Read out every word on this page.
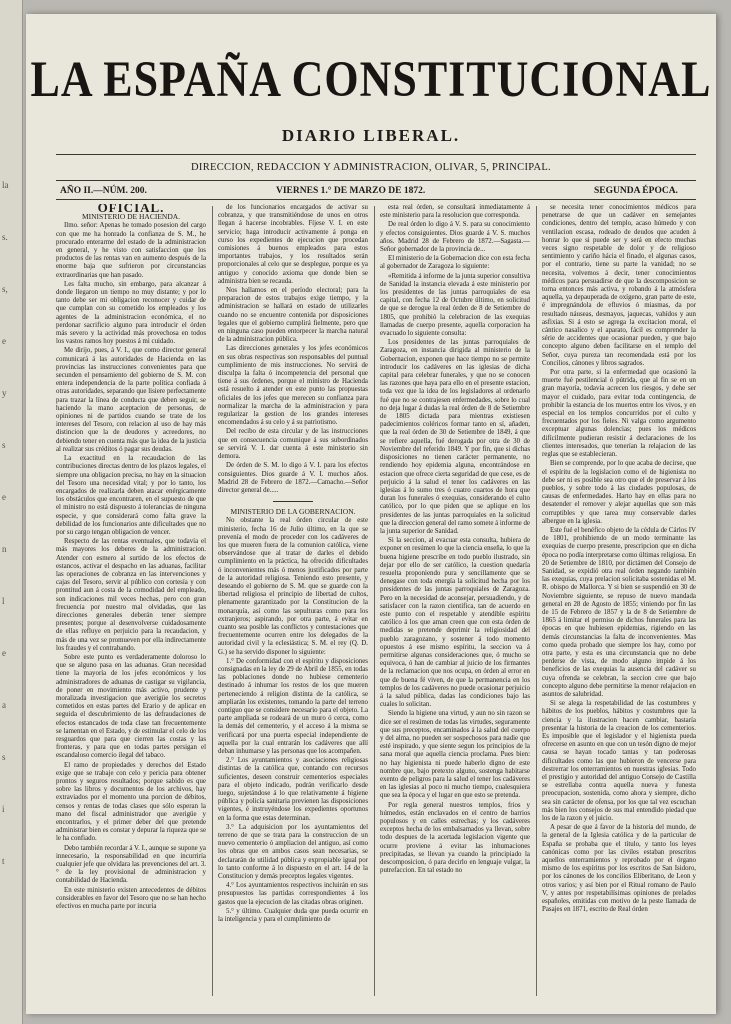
la
s.
s,
e
y
s
e
n
l
e
a
s
i
t
LA ESPAÑA CONSTITUCIONAL
DIARIO LIBERAL.
DIRECCION, REDACCION Y ADMINISTRACION, OLIVAR, 5, PRINCIPAL.
AÑO II.—NÚM. 200.	VIERNES 1.° DE MARZO DE 1872.	SEGUNDA ÉPOCA.

OFICIAL.

MINISTERIO DE HACIENDA.

Ilmo. señor: Apenas he tomado posesion del cargo con que me ha honrado la confianza de S. M., he procurado enterarme del estado de la administracion en general, y he visto con satisfaccion que los productos de las rentas van en aumento después de la enorme baja que sufrieron por circunstancias extraordinarias que han pasado.

Les falta mucho, sin embargo, para alcanzar á donde llegaron un tiempo no muy distante; y por lo tanto debe ser mi obligacion reconocer y cuidar de que cumplan con su cometido los empleados y los agentes de la administracion económica, el no perdonar sacrificio alguno para introducir el órden más severo y la actividad más provechosa en todos los vastos ramos hoy puestos á mi cuidado.

Me dirijo, pues, á V. I., que como director general comunicará á las autoridades de Hacienda en las provincias las instrucciones convenientes para que secunden el pensamiento del gobierno de S. M. con entera independencia de la parte política confiada á otras autoridades, separando que lisiere perfectamente para trazar la línea de conducta que deben seguir, se haciendo la mano aceptacion de personas, de opiniones ni de partidos cuando se trate de los intereses del Tesoro, con relacion al uso de hay más distincion que la de deudores y acreedores, no debiendo tener en cuenta más que la idea de la justicia al realizar sus créditos ó pagar sus deudas.

La exactitud en la recaudacion de las contribuciones directas dentro de los plazos legales, el siempre una obligacion precisa, no hay en la situacion del Tesoro una necesidad vital; y por lo tanto, los encargados de realizarla deben atacar enérgicamente los obstáculos que encontraren, en el supuesto de que el ministro no está dispuesto á tolerancias de ninguna especie, y que considerará como falta grave la debilidad de los funcionarios ante dificultades que no por su cargo tengan obligacion de vencer.

Respecto de las rentas eventuales, que todavía el más mayores los deberes de la administracion. Atender con esmero al surtido de los efectos de estancos, activar el despacho en las aduanas, facilitar las operaciones de cobranza en las intervenciones y cajas del Tesoro, servir al público con cortesía y con prontitud aun á costa de la comodidad del empleado, son indicaciones mil veces hechas, pero con gran frecuencia por nuestro mal olvidadas, que las direcciones generales deberán tener siempre presentes; porque al desenvolverse cuidadosamente de ellas refluye en perjuicio para la recaudacion, y más de una vez se promueven por ella indirectamente los fraudes y el contrabando.

Sobre este punto es verdaderamente doloroso lo que se alguno pasa en las aduanas. Gran necesidad tiene la mayoría de los jefes económicos y los administradores de aduanas de castigar su vigilancia, de poner en movimiento más activo, prudente y moralizada investigacion que averigüe los secretos cometidos en estas partes del Erario y de aplicar en seguida el descubrimiento de las defraudaciones de efectos estancados de toda clase tan frecuentemente se lamentan en el Estado, y de estimular el celo de los resguardos que para que cierren las costas y las fronteras, y para que en todas partes persigan el escandaloso comercio ilegal del tabaco.

El ramo de propiedades y derechos del Estado exige que se trabaje con celo y pericia para obtener prontos y seguros resultados; porque sabido es que sobre las libros y documentos de los archivos, hay extraviados por el momento una porcion de débitos, censos y rentas de todas clases que sólo esperan la mano del fiscal administrador que averigüe y encontrarlos, y el primer deber del que pretende administrar bien es constar y depurar la riqueza que se le ha confiado.

Debo también recordar á V. I., aunque se supone ya innecesario, la responsabilidad en que incurriría cualquier jefe que olvidara las prevenciones del art. 3.° de la ley provisional de administracion y contabilidad de Hacienda.

En este ministerio existen antecedentes de débitos considerables en favor del Tesoro que no se han hecho efectivos en mucha parte por incuria

de los funcionarios encargados de activar su cobranza, y que transmitiéndose de unos en otros llegan á hacerse incobrables. Fíjese V. I. en este servicio; haga introducir activamente á ponga en curso los expedientes de ejecucion que procedan comisiones á buenos empleados para estos importantes trabajos, y los resultados serán proporcionales al celo que se desplegue, porque es ya antiguo y conocido axioma que donde bien se administra bien se recauda.

Nos hallamos en el período electoral; para la preparacion de estos trabajos exige tiempo, y la administracion se hallará en estado de utilizarles cuando no se encuentre contenida por disposiciones legales que el gobierno cumplirá fielmente, pero que en ninguna caso pueden entorpecer la marcha natural de la administracion pública.

Las direcciones generales y los jefes económicos en sus obras respectivas son responsables del puntual cumplimiento de mis instrucciones. No servirá de disculpa la falta ó incompetencia del personal que tiene á sus órdenes, porque el ministro de Hacienda está resuelto á atender en este punto las propuestas oficiales de los jefes que merecen su confianza para normalizar la marcha de la administracion y para regularizar la gestion de los grandes intereses encomendados á su celo y á su patriotismo.

Del recibo de esta circular y de las instrucciones que en consecuencia comunique á sus subordinados se servirá V. I. dar cuenta á este ministerio sin demora.

De órden de S. M. lo digo á V. I. para los efectos consiguientes. Dios guarde á V. I. muchos años. Madrid 28 de Febrero de 1872.—Camacho.—Señor director general de.....

MINISTERIO DE LA GOBERNACION.

No obstante la real órden circular de este ministerio, fecha 16 de Julio último, en la que se prevenía el modo de proceder con los cadáveres de los que mueren fuera de la comunion católica, viene observándose que al tratar de darles el debido cumplimiento en la práctica, ha ofrecido dificultades ó inconvenientes más ó menos justificados por parte de la autoridad religiosa. Teniendo esto presente, y deseando el gobierno de S. M. que se guarde con la libertad religiosa el principio de libertad de cultos, plenamente garantizado por la Constitucion de la monarquía, así como las sepulturas como para los extranjeros; aspirando, por otra parte, á evitar en cuanto sea posible las conflictos y contestaciones que frecuentemente ocurren entre los delegados de la autoridad civil y la eclesiástica; S. M. el rey (Q. D. G.) se ha servido disponer lo siguiente:

1.° De conformidad con el espíritu y disposiciones consignadas en la ley de 29 de Abril de 1855, en todas las poblaciones donde no hubiese cementerio destinado á inhumar los restos de los que mueren perteneciendo á religion distinta de la católica, se ampliarán los existentes, tomando la parte del terreno contiguo que se considere necesario para el objeto. La parte ampliada se rodeará de un muro ó cerca, como la demás del cementerio, y el acceso á la misma se verificará por una puerta especial independiente de aquella por la cual entrarán los cadáveres que allí deban inhumarse y las personas que los acompañen.

2.° Los ayuntamientos y asociaciones religiosas distintas de la católica que, contando con recursos suficientes, deseen construir cementerios especiales para el objeto indicado, podrán verificarlo desde luego, sujetándose á lo que relativamente á higiene pública y policía sanitaria previenen las disposiciones vigentes, é instruyéndose los expedientes oportunos en la forma que estas determinan.

3.° La adquisicion por los ayuntamientos del terreno de que se trata para la construccion de un nuevo cementerio ó ampliacion del antiguo, así como los obras que en ambos casos sean necesarias, se declararán de utilidad pública y expropiable igual por lo tanto conforme á lo dispuesto en el art. 14 de la Constitucion y demás preceptos legales vigentes.

4.° Los ayuntamientos respectivos incluirán en sus presupuestos las partidas correspondientes á los gastos que la ejecucion de las citadas obras originen.

5.° y último. Cualquier duda que pueda ocurrir en la inteligencia y para el cumplimiento de

esta real órden, se consultará inmediatamente á este ministerio para la resolucion que corresponda.

De real órden lo digo á V. S. para su conocimiento y efectos consiguientes. Dios guarde á V. S. muchos años. Madrid 28 de Febrero de 1872.—Sagasta.—Señor gobernador de la provincia de...

El ministerio de la Gobernacion dice con esta fecha al gobernador de Zaragoza lo siguiente:

«Remitida á informe de la junta superior consultiva de Sanidad la instancia elevada á este ministerio por los presidentes de las juntas parroquiales de esa capital, con fecha 12 de Octubre último, en solicitud de que se derogue la real órden de 8 de Setiembre de 1805, que prohibió la celebracion de las exequias llamadas de cuerpo presente, aquella corporacion ha evacuado lo siguiente consulta:

Los presidentes de las juntas parroquiales de Zaragoza, en instancia dirigida al ministerio de la Gobernacion, exponen que hace tiempo no se permite introducir los cadáveres en las iglesias de dicha capital para celebrar funerales, y que no se conocen las razones que haya para ello en el presente estacion, toda vez que la idea de los legisladores al ordenarlo fué que no se contrajesen enfermedades, sobre lo cual no deja lugar á dudas la real órden de 8 de Setiembre de 1805 dictada para mientras existiesen padecimientos coléricos formar tanto en sí, añaden, que la real órden de 30 de Setiembre de 1849, á que se refiere aquella, fué derogada por otra de 30 de Noviembre del referido 1849. Y por fin, que si dichas disposiciones no tienen carácter permanente, no rendiendo hoy epidemia alguna, encontrándose en estacion que ofrece cierta seguridad de que cese, es de perjuicio á la salud el tener los cadáveres en las iglesias á lo sumo tres ó cuatro cuartos de hora que duran los funerales ó exequias, considerando el culto católico, por lo que piden que se aplique en los presidentes de las juntas parroquiales en la solicitud que la direccion general del ramo somete á informe de la junta superior de Sanidad.

Si la seccion, al evacuar esta consulta, hubiera de exponer en resúmen lo que la ciencia enseña, lo que la buena higiene prescribe en todo pueblo ilustrado, sin dejar por ello de ser católico, la cuestion quedaría resuelta proponiendo pura y sencillamente que se denegase con toda energía la solicitud hecha por los presidentes de las juntas parroquiales de Zaragoza. Pero en la necesidad de aconsejar, persuadiendo, y de satisfacer con la razon científica, tan de acuerdo en este punto con el respetable y atendible espíritu católico á los que aman creen que con esta órden de medidas se pretende deprimir la religiosidad del pueblo zaragozano, y sostener á todo momento opuestos á ese mismo espíritu, la seccion va á permitirse algunas consideraciones que, ó mucho se equivoca, ó han de cambiar al juicio de los firmantes de la reclamacion que nos ocupa, en órden al error en que de buena fé viven, de que la permanencia en los templos de los cadáveres no puede ocasionar perjuicio á la salud pública, dadas las condiciones bajo las cuales lo solicitan.

Siendo la higiene una virtud, y aun no sin razon se dice ser el resúmen de todas las virtudes, seguramente que sus preceptos, encaminados á la salud del cuerpo y del alma, no pueden ser sospechosos para nadie que esté inspirado, y que siente segun los principios de la sana moral que aquella ciencia proclama. Pues bien: no hay higienista ni puede haberlo digno de este nombre que, bajo pretexto alguno, sostenga habitarse exento de peligros para la salud el tener los cadáveres en las iglesias al poco ni mucho tiempo, cualesquiera que sea la época y el lugar en que esto se pretenda.

Por regla general nuestros templos, frios y húmedos, están enclavados en el centro de barrios populosos y en calles estrechas; y los cadáveres exceptos hecha de los embalsamados ya llevan, sobre todo despues de la acertada legislacion vigente que ocurre proviene á evitar las inhumaciones precipitadas, se llevan ya cuando la principiado la descomposicion, ó para decirlo en lenguaje vulgar, la putrefaccion. En tal estado no

se necesita tener conocimientos médicos para penetrarse de que un cadáver en semejantes condiciones, dentro del templo, acaso húmedo y con ventilacion escasa, rodeado de deudos que acuden á honrar lo que si puede ser y será en efecto muchas veces signo respetable de dolor y de religioso sentimiento y cariño hácia el finado, el algunas casos, por el contrario, tiene su parte la vanidad; no se necesita, volvemos á decir, tener conocimientos médicos para persuadirse de que la descomposicion se torna entonces más activa, y robando á la atmósfera aquella, ya depauperada de oxígeno, gran parte de este, é impregnándola de efluvios ó miasmas, da por resultado náuseas, desmayos, jaquecas, vahídos y aun asfixias. Si á esto se agrega la excitacion moral, el cántico nasalico y el aparato, fácil es comprender la série de accidentes que ocasionar pueden, y que bajo concepto alguno deben facilitarse en el templo del Señor, cuya pureza tan recomendada está por los Concilios, cánones y libros sagrados.

Por otra parte, si la enfermedad que ocasionó la muerte fué pestilencial ó pútrida, que al fin se en un gran mayoría, todavía acrecen los riesgos, y dehe ser mayor el cuidado, para evitar toda contingencia, de prohibir la estancia de los muertos entre los vivos, y en especial en los templos concurridos por el culto y frecuentados por los fieles. Ni valga como argumento exceptuar algunas dolencias; pues los médicos difícilmente pudieran resistir á declaraciones de los clientes interesados, que tenerían la relajacion de las reglas que se establecieran.

Bien se comprende, por lo que acaba de decirse, que el espíritu de la legislacion como el de higienista no debe ser ni es posible sea otro que el de preservar á los pueblos, y sobre todo á las ciudades populosas, de causas de enfermedades. Harto hay en ellas para no desatender el remover y alejar aquellas que son más corruptibles y que tarea muy conservable darles albergue en la iglesia.

Este fué el benéfico objeto de la cédula de Cárlos IV de 1801, prohibiendo de un modo terminante las exequias de cuerpo presente, prescripcion que en dicha época no podía interpretarse como últimas religiosa. En 20 de Setiembre de 1810, por dictámen del Consejo de Sanidad, se expidió otra real órden negando también las exequias, cuya prelacion solicitaba sostenidas el M. R. obispo de Mallorca. Y si bien se suspendió en 30 de Noviembre siguiente, se repuso de nuevo mandada general en 28 de Agosto de 1855; viniendo por fin las de 15 de Febrero de 1857 y la de 8 de Setiembre de 1865 á limitar el permiso de dichos funerales para las épocas en que hubiesen epidemias, rigiendo en las demás circunstancias la falta de inconvenientes. Mas como queda probado que siempre los hay, como por otra parte, y esta es una circunstancia que no debe perderse de vista, de modo alguno impide á los beneficios de las exequias la ausencia del cadáver su cuya ofrenda se celebran, la seccion cree que bajo concepto alguno debe permitirse la menor relajacion en asuntos de salubridad.

Si se alega la respetabilidad de las costumbres y hábitos de los pueblos, hábitos y costumbres que la ciencia y la ilustracion hacen cambiar, bastaría presentar la historia de la creacion de los cementerios. Es imposible que el legislador y el higienista pueda ofrecerse en asunto en que con un tesón digno de mejor causa se hayan tocado tantas y tan poderosas dificultades como las que hubieron de vencerse para destrerrar los enterramientos en nuestras iglesias. Todo el prestigio y autoridad del antiguo Consejo de Castilla se estrellaba contra aquella nueva y funesta preocupacion, sostenida, como ahora y siempre, dicho sea sin carácter de ofensa, por los que tal vez escuchan más bien los consejos de sus mal entendido piedad que los de la razon y el juicio.

A pesar de que á favor de la historia del mundo, de la general de la Iglesia católica y de la particular de España se probaba que el título, y tanto los leyes canónicas como por las civiles estaban prescritos aquellos enterramientos y reprobado por el órgano mismo de los espíritus por los escritos de San Isidoro, por los cánones de los concilios Eliberitano, de Leon y otros varios; y así bien por el Ritual romano de Paulo V, y antes por respetabilísimas opiniones de prelados españoles, emitidas con motivo de la peste llamada de Pasajes en 1871, escrito de Real órden
